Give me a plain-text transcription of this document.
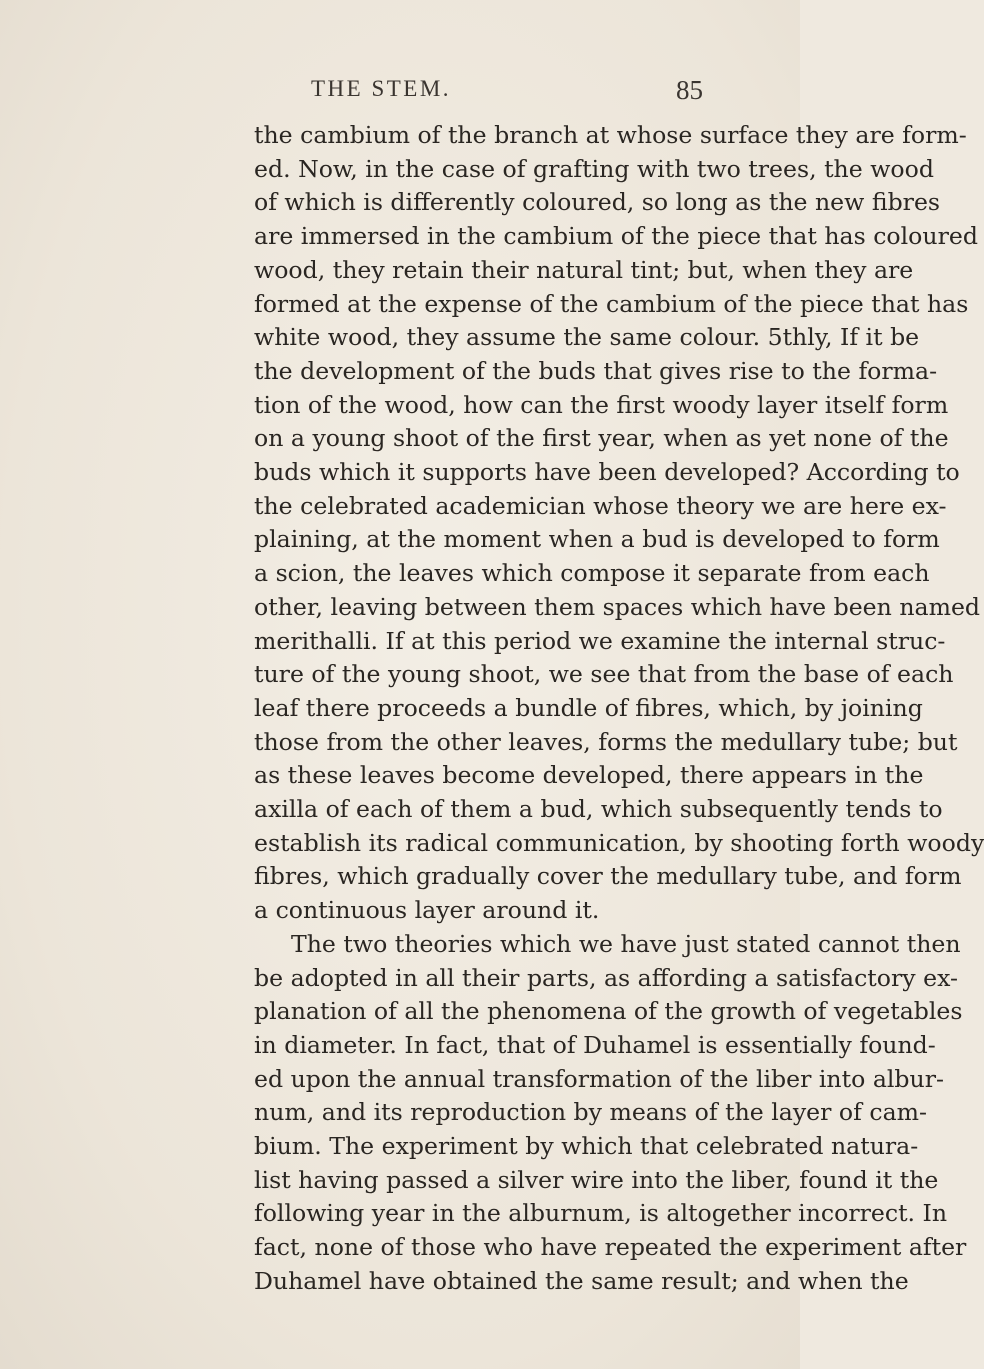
THE STEM.	85
the cambium of the branch at whose surface they are form-
ed. Now, in the case of grafting with two trees, the wood
of which is differently coloured, so long as the new fibres
are immersed in the cambium of the piece that has coloured
wood, they retain their natural tint; but, when they are
formed at the expense of the cambium of the piece that has
white wood, they assume the same colour. 5thly, If it be
the development of the buds that gives rise to the forma-
tion of the wood, how can the first woody layer itself form
on a young shoot of the first year, when as yet none of the
buds which it supports have been developed? According to
the celebrated academician whose theory we are here ex-
plaining, at the moment when a bud is developed to form
a scion, the leaves which compose it separate from each
other, leaving between them spaces which have been named
merithalli. If at this period we examine the internal struc-
ture of the young shoot, we see that from the base of each
leaf there proceeds a bundle of fibres, which, by joining
those from the other leaves, forms the medullary tube; but
as these leaves become developed, there appears in the
axilla of each of them a bud, which subsequently tends to
establish its radical communication, by shooting forth woody
fibres, which gradually cover the medullary tube, and form
a continuous layer around it.
The two theories which we have just stated cannot then
be adopted in all their parts, as affording a satisfactory ex-
planation of all the phenomena of the growth of vegetables
in diameter. In fact, that of Duhamel is essentially found-
ed upon the annual transformation of the liber into albur-
num, and its reproduction by means of the layer of cam-
bium. The experiment by which that celebrated natura-
list having passed a silver wire into the liber, found it the
following year in the alburnum, is altogether incorrect. In
fact, none of those who have repeated the experiment after
Duhamel have obtained the same result; and when the
